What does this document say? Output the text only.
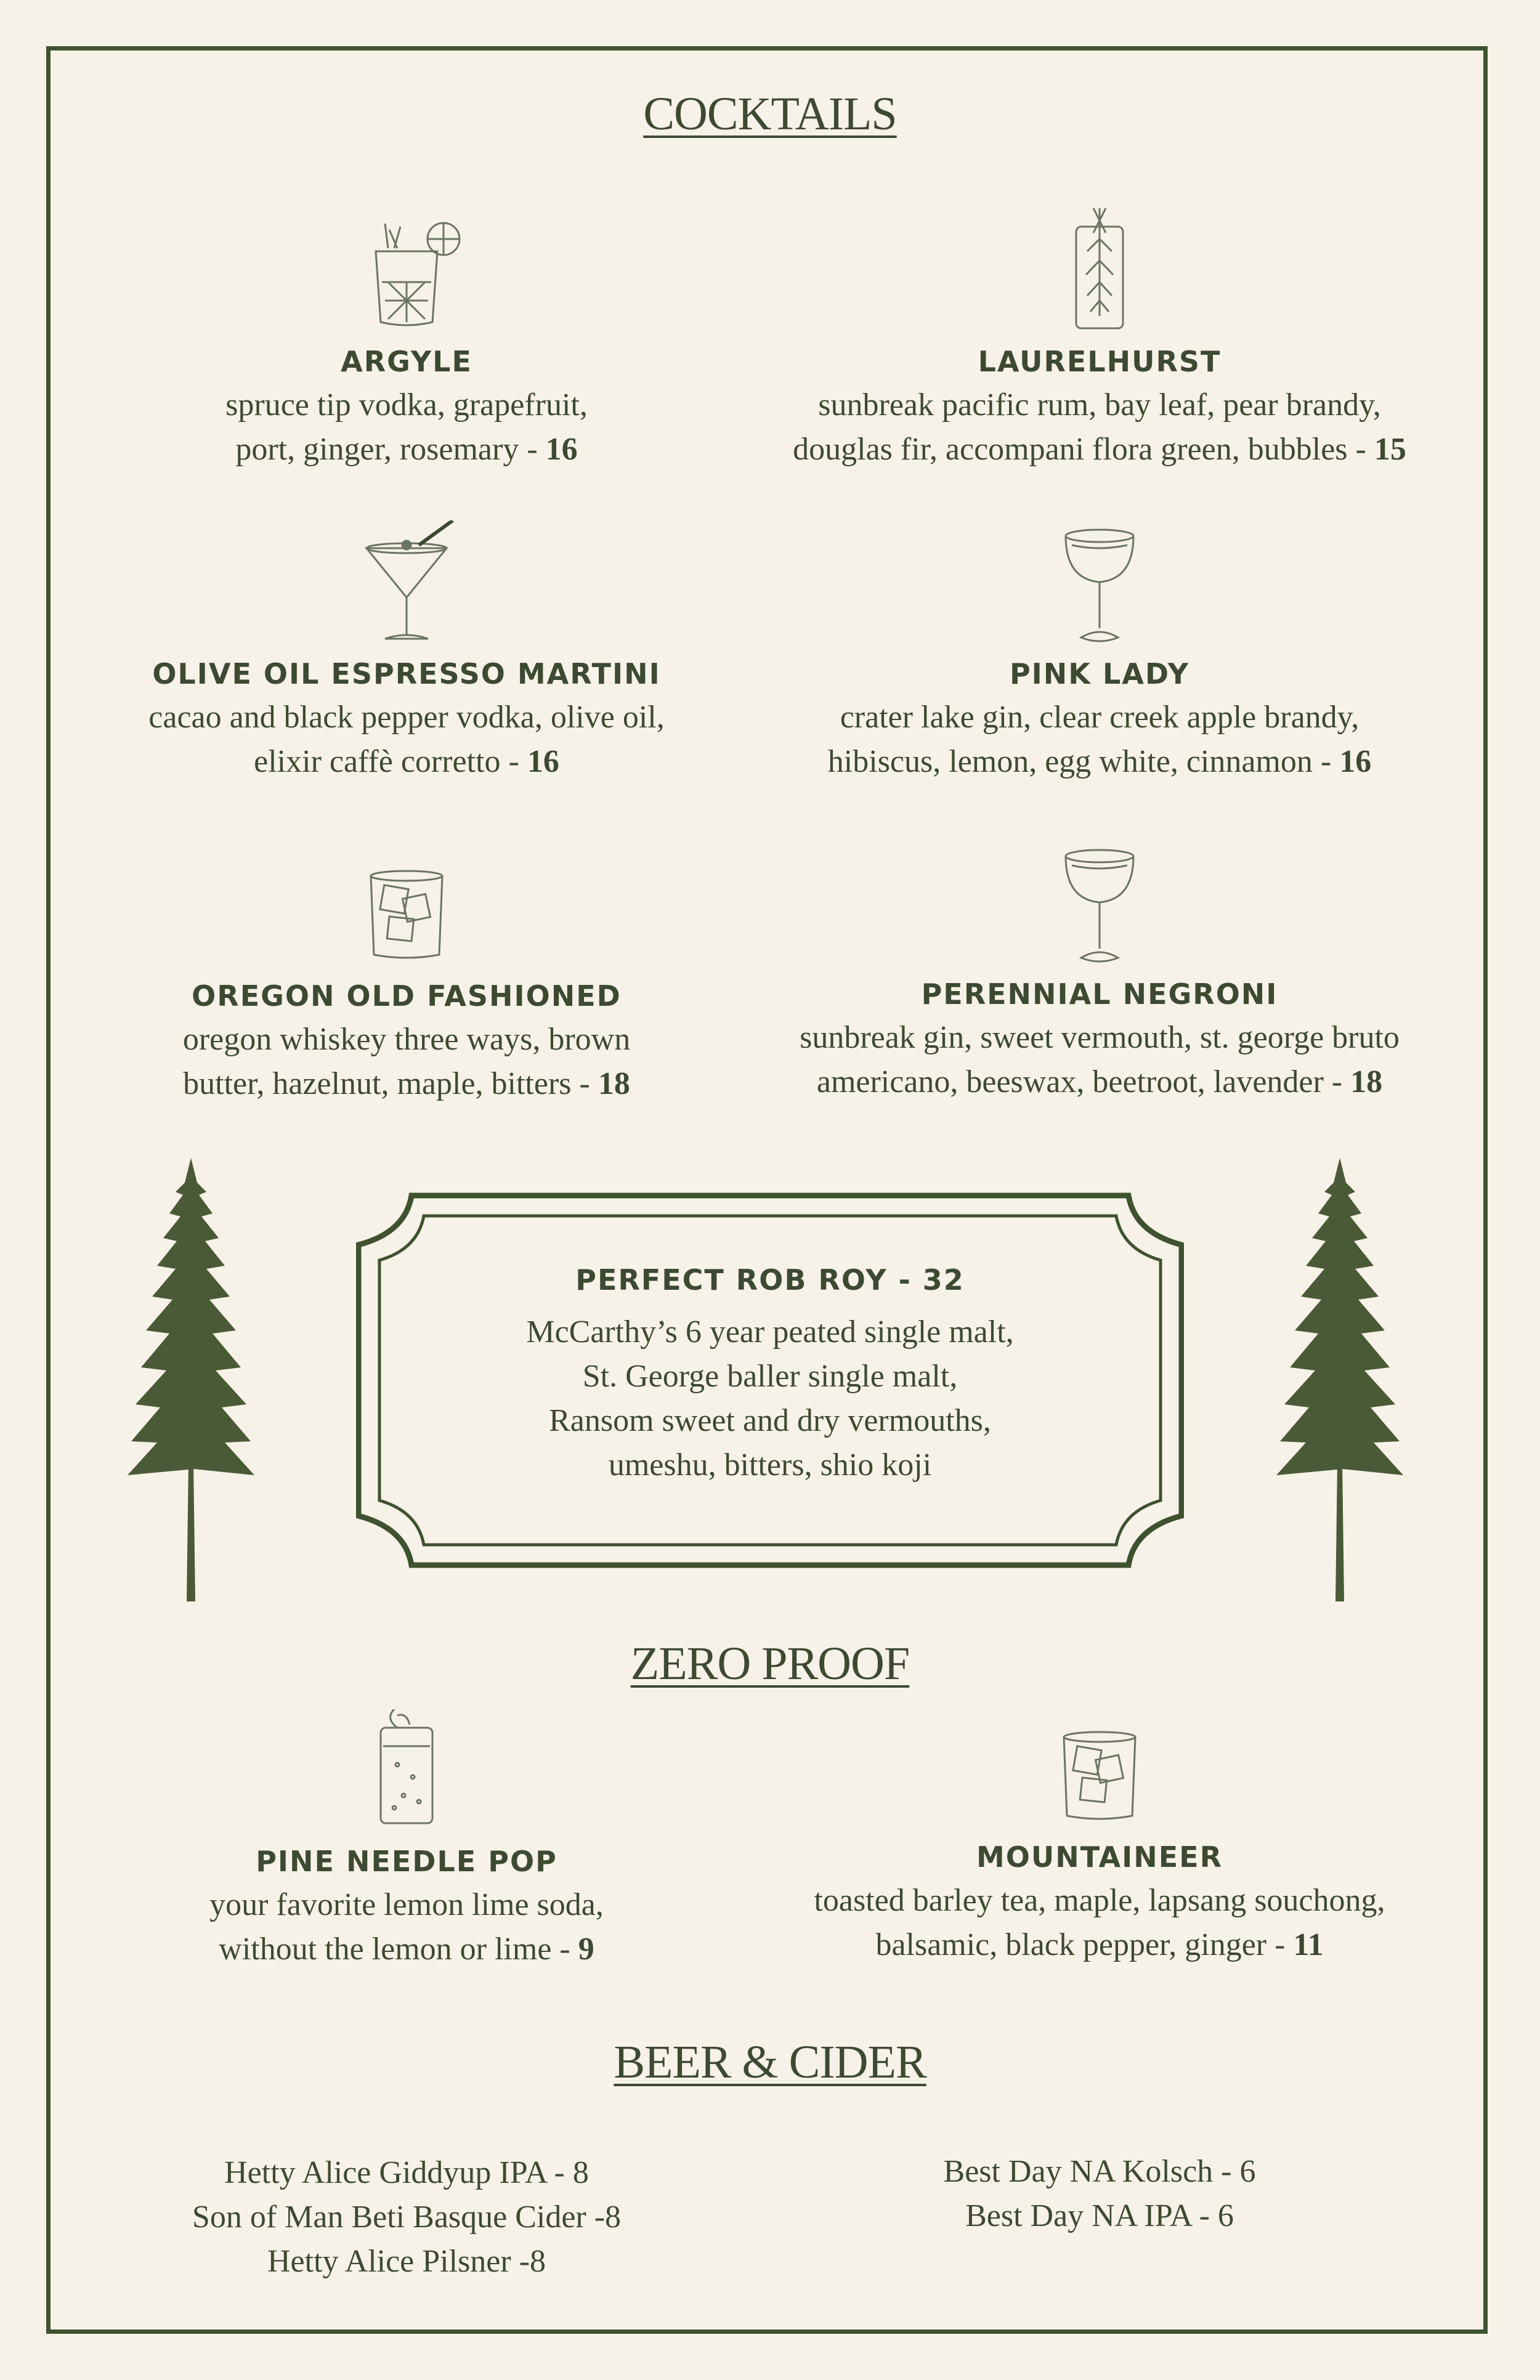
COCKTAILS
ARGYLE
spruce tip vodka, grapefruit,
port, ginger, rosemary - 16
LAURELHURST
sunbreak pacific rum, bay leaf, pear brandy,
douglas fir, accompani flora green, bubbles - 15
OLIVE OIL ESPRESSO MARTINI
cacao and black pepper vodka, olive oil,
elixir caffè corretto - 16
PINK LADY
crater lake gin, clear creek apple brandy,
hibiscus, lemon, egg white, cinnamon - 16
OREGON OLD FASHIONED
oregon whiskey three ways, brown
butter, hazelnut, maple, bitters - 18
PERENNIAL NEGRONI
sunbreak gin, sweet vermouth, st. george bruto
americano, beeswax, beetroot, lavender - 18
PERFECT ROB ROY - 32
McCarthy’s 6 year peated single malt,
St. George baller single malt,
Ransom sweet and dry vermouths,
umeshu, bitters, shio koji
ZERO PROOF
PINE NEEDLE POP
your favorite lemon lime soda,
without the lemon or lime - 9
MOUNTAINEER
toasted barley tea, maple, lapsang souchong,
balsamic, black pepper, ginger - 11
BEER & CIDER
Hetty Alice Giddyup IPA - 8
Son of Man Beti Basque Cider -8
Hetty Alice Pilsner -8
Best Day NA Kolsch - 6
Best Day NA IPA - 6
